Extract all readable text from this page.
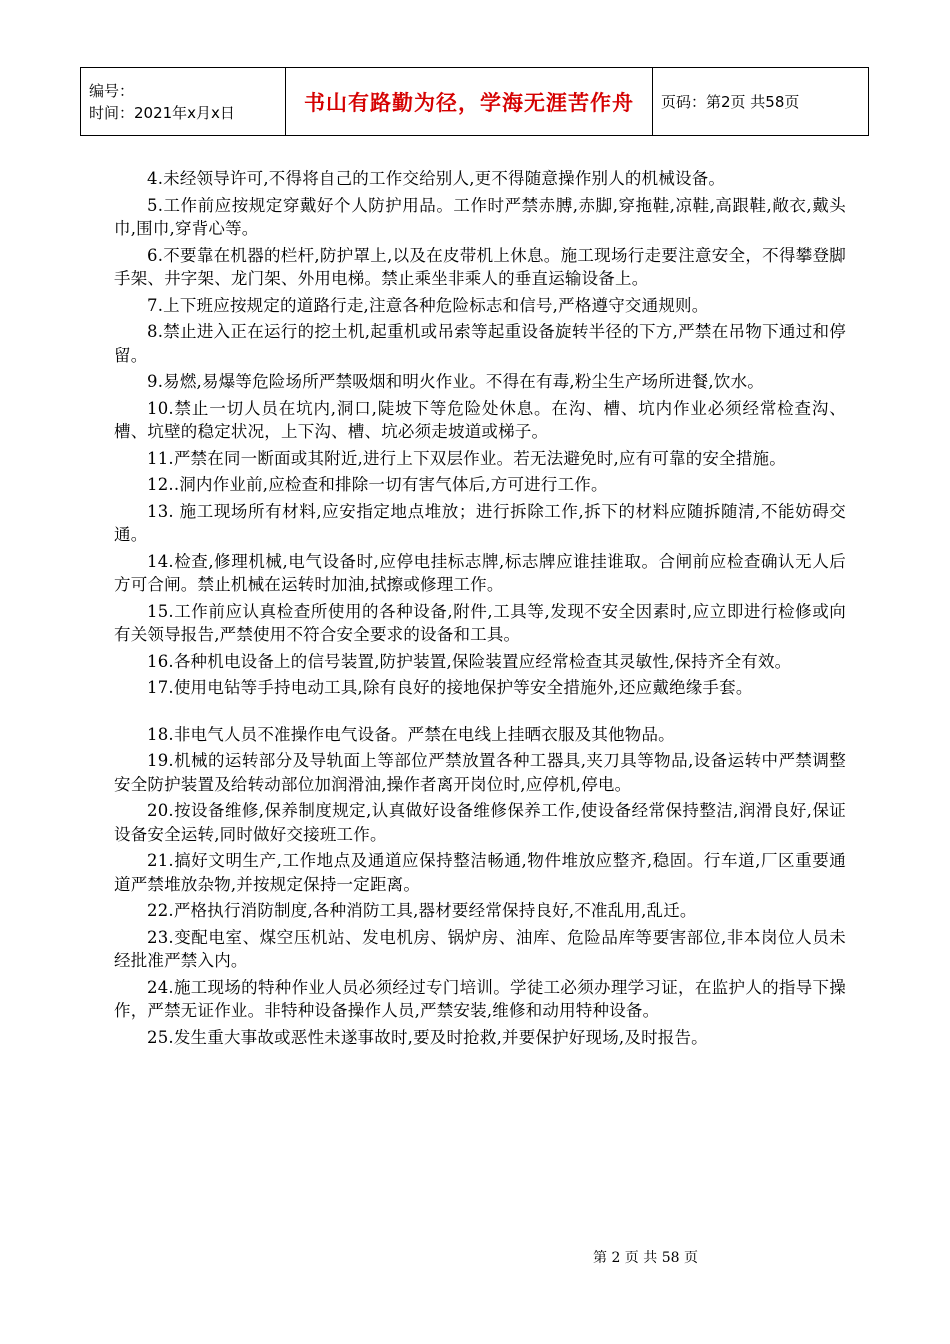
编号：
时间：2021年x月x日	书山有路勤为径，学海无涯苦作舟	页码：第2页 共58页

4.未经领导许可,不得将自己的工作交给别人,更不得随意操作别人的机械设备。

5.工作前应按规定穿戴好个人防护用品。工作时严禁赤膊,赤脚,穿拖鞋,凉鞋,高跟鞋,敞衣,戴头巾,围巾,穿背心等。

6.不要靠在机器的栏杆,防护罩上,以及在皮带机上休息。施工现场行走要注意安全，不得攀登脚手架、井字架、龙门架、外用电梯。禁止乘坐非乘人的垂直运输设备上。

7.上下班应按规定的道路行走,注意各种危险标志和信号,严格遵守交通规则。

8.禁止进入正在运行的挖土机,起重机或吊索等起重设备旋转半径的下方,严禁在吊物下通过和停留。

9.易燃,易爆等危险场所严禁吸烟和明火作业。不得在有毒,粉尘生产场所进餐,饮水。

10.禁止一切人员在坑内,洞口,陡坡下等危险处休息。在沟、槽、坑内作业必须经常检查沟、槽、坑壁的稳定状况，上下沟、槽、坑必须走坡道或梯子。

11.严禁在同一断面或其附近,进行上下双层作业。若无法避免时,应有可靠的安全措施。

12..洞内作业前,应检查和排除一切有害气体后,方可进行工作。

13. 施工现场所有材料,应安指定地点堆放；进行拆除工作,拆下的材料应随拆随清,不能妨碍交通。

14.检查,修理机械,电气设备时,应停电挂标志牌,标志牌应谁挂谁取。合闸前应检查确认无人后方可合闸。禁止机械在运转时加油,拭擦或修理工作。

15.工作前应认真检查所使用的各种设备,附件,工具等,发现不安全因素时,应立即进行检修或向有关领导报告,严禁使用不符合安全要求的设备和工具。

16.各种机电设备上的信号装置,防护装置,保险装置应经常检查其灵敏性,保持齐全有效。

17.使用电钻等手持电动工具,除有良好的接地保护等安全措施外,还应戴绝缘手套。

18.非电气人员不准操作电气设备。严禁在电线上挂晒衣服及其他物品。

19.机械的运转部分及导轨面上等部位严禁放置各种工器具,夹刀具等物品,设备运转中严禁调整安全防护装置及给转动部位加润滑油,操作者离开岗位时,应停机,停电。

20.按设备维修,保养制度规定,认真做好设备维修保养工作,使设备经常保持整洁,润滑良好,保证设备安全运转,同时做好交接班工作。

21.搞好文明生产,工作地点及通道应保持整洁畅通,物件堆放应整齐,稳固。行车道,厂区重要通道严禁堆放杂物,并按规定保持一定距离。

22.严格执行消防制度,各种消防工具,器材要经常保持良好,不准乱用,乱迁。

23.变配电室、煤空压机站、发电机房、锅炉房、油库、危险品库等要害部位,非本岗位人员未经批准严禁入内。

24.施工现场的特种作业人员必须经过专门培训。学徒工必须办理学习证，在监护人的指导下操作，严禁无证作业。非特种设备操作人员,严禁安装,维修和动用特种设备。

25.发生重大事故或恶性未遂事故时,要及时抢救,并要保护好现场,及时报告。

第 2 页 共 58 页
